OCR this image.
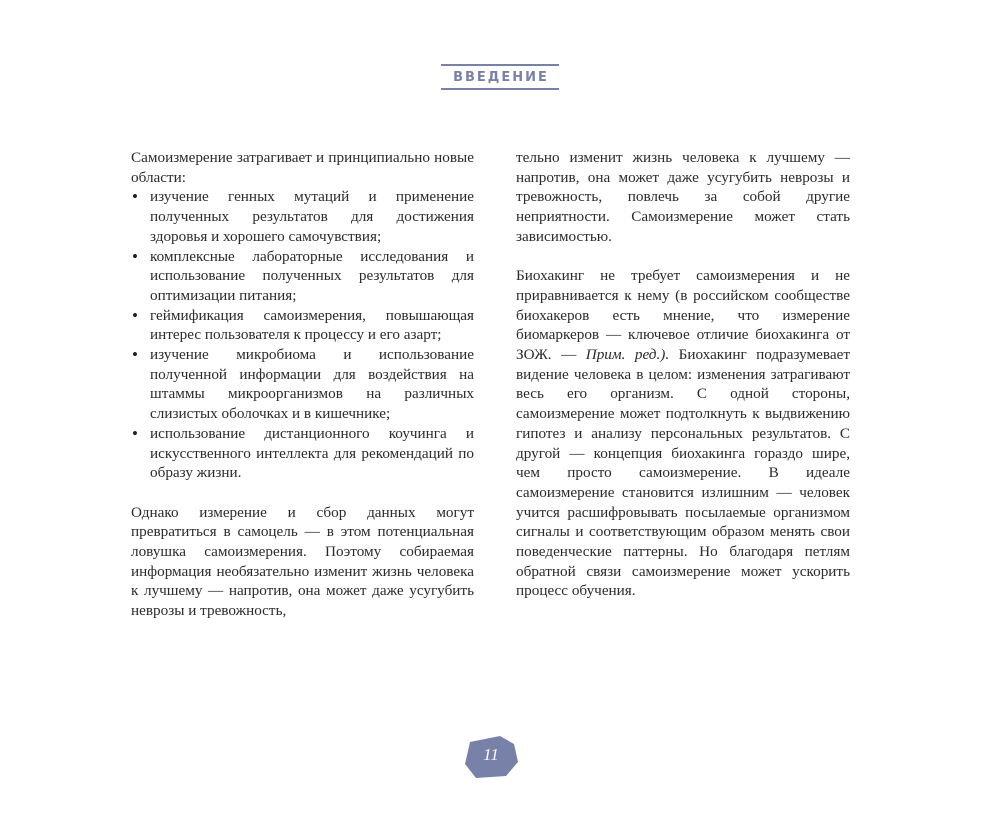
ВВЕДЕНИЕ

Самоизмерение затрагивает и принципиально новые области:

• изучение генных мутаций и применение полученных результатов для достижения здоровья и хорошего самочувствия;
• комплексные лабораторные исследования и использование полученных результатов для оптимизации питания;
• геймификация самоизмерения, повышающая интерес пользователя к процессу и его азарт;
• изучение микробиома и использование полученной информации для воздействия на штаммы микроорганизмов на различных слизистых оболочках и в кишечнике;
• использование дистанционного коучинга и искусственного интеллекта для рекомендаций по образу жизни.

Однако измерение и сбор данных могут превратиться в самоцель — в этом потенциальная ловушка самоизмерения. Поэтому собираемая информация необязательно изменит жизнь человека к лучшему — напротив, она может даже усугубить неврозы и тревожность,

тельно изменит жизнь человека к лучшему — напротив, она может даже усугубить неврозы и тревожность, повлечь за собой другие неприятности. Самоизмерение может стать зависимостью.

Биохакинг не требует самоизмерения и не приравнивается к нему (в российском сообществе биохакеров есть мнение, что измерение биомаркеров — ключевое отличие биохакинга от ЗОЖ. — Прим. ред.). Биохакинг подразумевает видение человека в целом: изменения затрагивают весь его организм. С одной стороны, самоизмерение может подтолкнуть к выдвижению гипотез и анализу персональных результатов. С другой — концепция биохакинга гораздо шире, чем просто самоизмерение. В идеале самоизмерение становится излишним — человек учится расшифровывать посылаемые организмом сигналы и соответствующим образом менять свои поведенческие паттерны. Но благодаря петлям обратной связи самоизмерение может ускорить процесс обучения.

11
